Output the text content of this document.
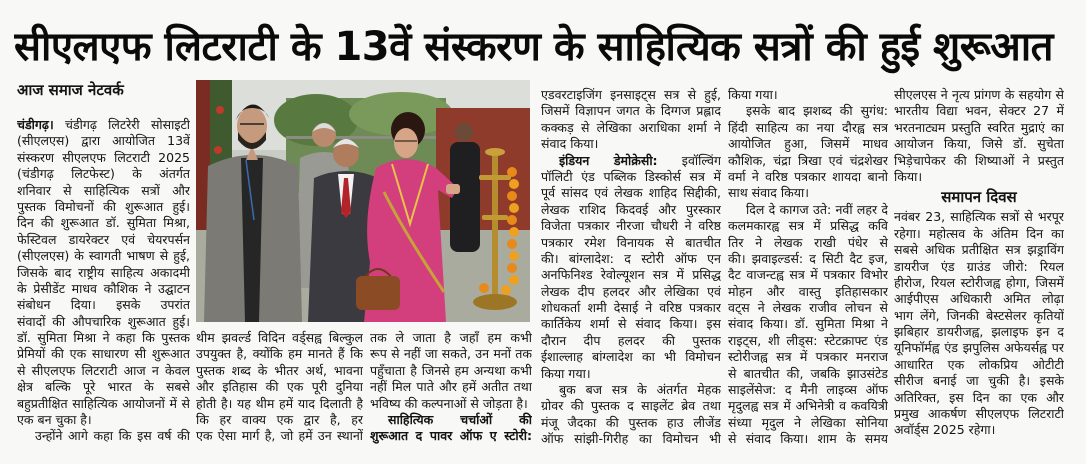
सीएलएफ लिटराटी के 13वें संस्करण के साहित्यिक सत्रों की हुई शुरूआत
आज समाज नेटवर्क
चंडीगढ़। चंडीगढ़ लिटरेरी सोसाइटी
(सीएलएस) द्वारा आयोजित 13वें
संस्करण सीएलएफ लिटराटी 2025
(चंडीगढ़ लिटफेस्ट) के अंतर्गत
शनिवार से साहित्यिक सत्रों और
पुस्तक विमोचनों की शुरूआत हुई।
दिन की शुरूआत डॉ. सुमिता मिश्रा,
फेस्टिवल डायरेक्टर एवं चेयरपर्सन
(सीएलएस) के स्वागती भाषण से हुई,
जिसके बाद राष्ट्रीय साहित्य अकादमी
के प्रेसीडेंट माधव कौशिक ने उद्घाटन
संबोधन दिया। इसके उपरांत
संवादों की औपचारिक शुरूआत हुई।
डॉ. सुमिता मिश्रा ने कहा कि पुस्तक
प्रेमियों की एक साधारण सी शुरूआत
से सीएलएफ लिटराटी आज न केवल
क्षेत्र बल्कि पूरे भारत के सबसे
बहुप्रतीक्षित साहित्यिक आयोजनों में से
एक बन चुका है।
उन्होंने आगे कहा कि इस वर्ष की
थीम झवर्ल्ड विदिन वर्ड्सह्व बिल्कुल
उपयुक्त है, क्योंकि हम मानते हैं कि
पुस्तक शब्द के भीतर अर्थ, भावना
और इतिहास की एक पूरी दुनिया
होती है। यह थीम हमें याद दिलाती है
कि हर वाक्य एक द्वार है, हर
एक ऐसा मार्ग है, जो हमें उन स्थानों
तक ले जाता है जहाँ हम कभी
रूप से नहीं जा सकते, उन मनों तक
पहुँचाता है जिनसे हम अन्यथा कभी
नहीं मिल पाते और हमें अतीत तथा
भविष्य की कल्पनाओं से जोड़ता है।
साहित्यिक चर्चाओं की
शुरूआत द पावर ऑफ ए स्टोरी:
एडवरटाइजिंग इनसाइट्स सत्र से हुई,
जिसमें विज्ञापन जगत के दिग्गज प्रह्लाद
कक्कड़ से लेखिका अराधिका शर्मा ने
संवाद किया।
इंडियन डेमोक्रेसी: इवॉल्विंग
पॉलिटी एंड पब्लिक डिस्कोर्स सत्र में
पूर्व सांसद एवं लेखक शाहिद सिद्दीकी,
लेखक राशिद किदवई और पुरस्कार
विजेता पत्रकार नीरजा चौधरी ने वरिष्ठ
पत्रकार रमेश विनायक से बातचीत
की। बांग्लादेश: द स्टोरी ऑफ एन
अनफिनिश्ड रेवोल्यूशन सत्र में प्रसिद्ध
लेखक दीप हलदर और लेखिका एवं
शोधकर्ता शमी देसाई ने वरिष्ठ पत्रकार
कार्तिकेय शर्मा से संवाद किया। इस
दौरान दीप हलदर की पुस्तक
ईशाल्लाह बांग्लादेश का भी विमोचन
किया गया।
बुक बज सत्र के अंतर्गत मेहक
ग्रोवर की पुस्तक द साइलेंट ब्रेव तथा
मंजू जैदका की पुस्तक हाउ लीजेंड
ऑफ सांझी-गिरीह का विमोचन भी
किया गया।
इसके बाद झशब्द की सुगंध:
हिंदी साहित्य का नया दौरह्व सत्र
आयोजित हुआ, जिसमें माधव
कौशिक, चंद्रा त्रिखा एवं चंद्रशेखर
वर्मा ने वरिष्ठ पत्रकार शायदा बानो
साथ संवाद किया।
दिल दे कागज उते: नवीं लहर दे
कलमकारह्व सत्र में प्रसिद्ध कवि
तिर ने लेखक राखी पंधेर से
की। झवाइल्डर्स: द सिटी दैट इज,
दैट वाजन्टह्व सत्र में पत्रकार विभोर
मोहन और वास्तु इतिहासकार
वट्स ने लेखक राजीव लोचन से
संवाद किया। डॉ. सुमिता मिश्रा ने
राइट्स, शी लीड्स: स्टेटक्राफ्ट एंड
स्टोरीजह्व सत्र में पत्रकार मनराज
से बातचीत की, जबकि झाउसंटेड
साइलेंसेज: द मैनी लाइव्स ऑफ
मृदुलह्व सत्र में अभिनेत्री व कवयित्री
संध्या मृदुल ने लेखिका सोनिया
से संवाद किया। शाम के समय
सीएलएस ने नृत्य प्रांगण के सहयोग से
भारतीय विद्या भवन, सेक्टर 27 में
भरतनाट्यम प्रस्तुति स्वरित मुद्राएं का
आयोजन किया, जिसे डॉ. सुचेता
भिड़ेचापेकर की शिष्याओं ने प्रस्तुत
किया।
समापन दिवस
नवंबर 23, साहित्यिक सत्रों से भरपूर
रहेगा। महोत्सव के अंतिम दिन का
सबसे अधिक प्रतीक्षित सत्र झड्राविंग
डायरीज एंड ग्राउंड जीरो: रियल
हीरोज, रियल स्टोरीजह्व होगा, जिसमें
आईपीएस अधिकारी अमित लोढ़ा
भाग लेंगे, जिनकी बेस्टसेलर कृतियों
झबिहार डायरीजह्व, झलाइफ इन द
यूनिफॉर्मह्व एंड झपुलिस अफेयर्सह्व पर
आधारित एक लोकप्रिय ओटीटी
सीरीज बनाई जा चुकी है। इसके
अतिरिक्त, इस दिन का एक और
प्रमुख आकर्षण सीएलएफ लिटराटी
अवॉर्ड्स 2025 रहेगा।
